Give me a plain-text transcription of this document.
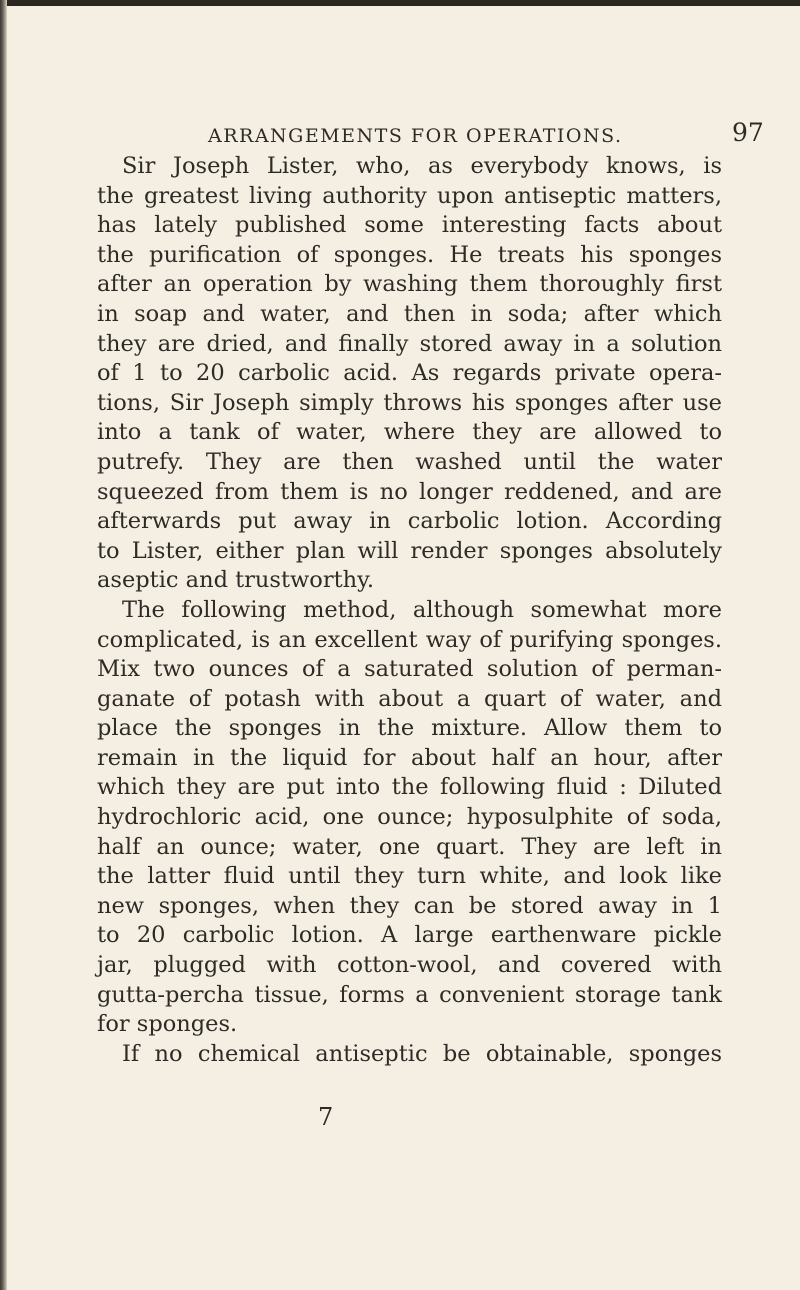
ARRANGEMENTS FOR OPERATIONS.	97
Sir Joseph Lister, who, as everybody knows, is
the greatest living authority upon antiseptic matters,
has lately published some interesting facts about
the purification of sponges. He treats his sponges
after an operation by washing them thoroughly first
in soap and water, and then in soda; after which
they are dried, and finally stored away in a solution
of 1 to 20 carbolic acid. As regards private opera-
tions, Sir Joseph simply throws his sponges after use
into a tank of water, where they are allowed to
putrefy. They are then washed until the water
squeezed from them is no longer reddened, and are
afterwards put away in carbolic lotion. According
to Lister, either plan will render sponges absolutely
aseptic and trustworthy.
The following method, although somewhat more
complicated, is an excellent way of purifying sponges.
Mix two ounces of a saturated solution of perman-
ganate of potash with about a quart of water, and
place the sponges in the mixture. Allow them to
remain in the liquid for about half an hour, after
which they are put into the following fluid : Diluted
hydrochloric acid, one ounce; hyposulphite of soda,
half an ounce; water, one quart. They are left in
the latter fluid until they turn white, and look like
new sponges, when they can be stored away in 1
to 20 carbolic lotion. A large earthenware pickle
jar, plugged with cotton-wool, and covered with
gutta-percha tissue, forms a convenient storage tank
for sponges.
If no chemical antiseptic be obtainable, sponges
7
